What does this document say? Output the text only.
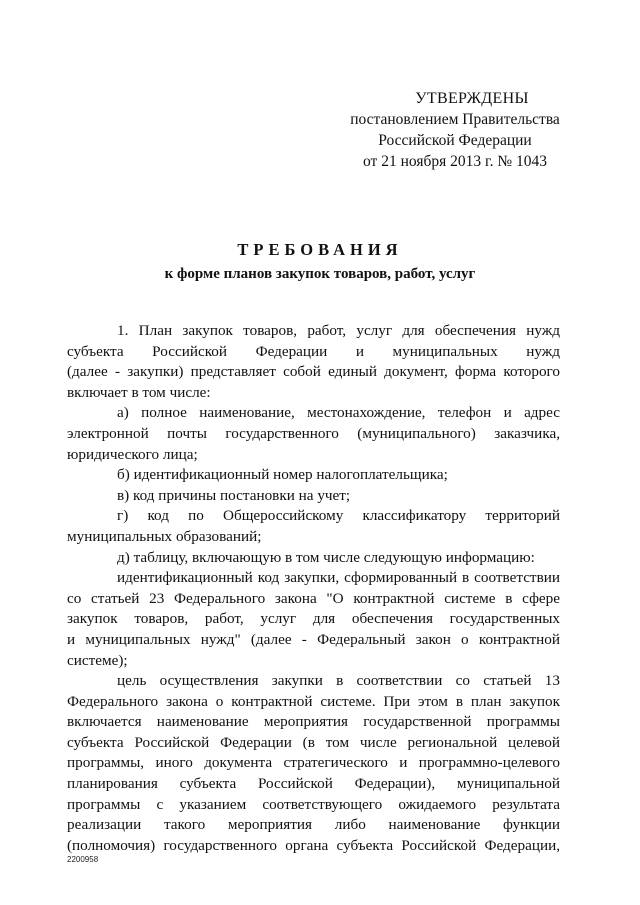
УТВЕРЖДЕНЫ
постановлением Правительства
Российской Федерации
от 21 ноября 2013 г. № 1043
ТРЕБОВАНИЯ
к форме планов закупок товаров, работ, услуг
1. План закупок товаров, работ, услуг для обеспечения нужд
субъекта Российской Федерации и муниципальных нужд
(далее - закупки) представляет собой единый документ, форма которого
включает в том числе:
а) полное наименование, местонахождение, телефон и адрес
электронной почты государственного (муниципального) заказчика,
юридического лица;
б) идентификационный номер налогоплательщика;
в) код причины постановки на учет;
г) код по Общероссийскому классификатору территорий
муниципальных образований;
д) таблицу, включающую в том числе следующую информацию:
идентификационный код закупки, сформированный в соответствии
со статьей 23 Федерального закона "О контрактной системе в сфере
закупок товаров, работ, услуг для обеспечения государственных
и муниципальных нужд" (далее - Федеральный закон о контрактной
системе);
цель осуществления закупки в соответствии со статьей 13
Федерального закона о контрактной системе. При этом в план закупок
включается наименование мероприятия государственной программы
субъекта Российской Федерации (в том числе региональной целевой
программы, иного документа стратегического и программно-целевого
планирования субъекта Российской Федерации), муниципальной
программы с указанием соответствующего ожидаемого результата
реализации такого мероприятия либо наименование функции
(полномочия) государственного органа субъекта Российской Федерации,
2200958
